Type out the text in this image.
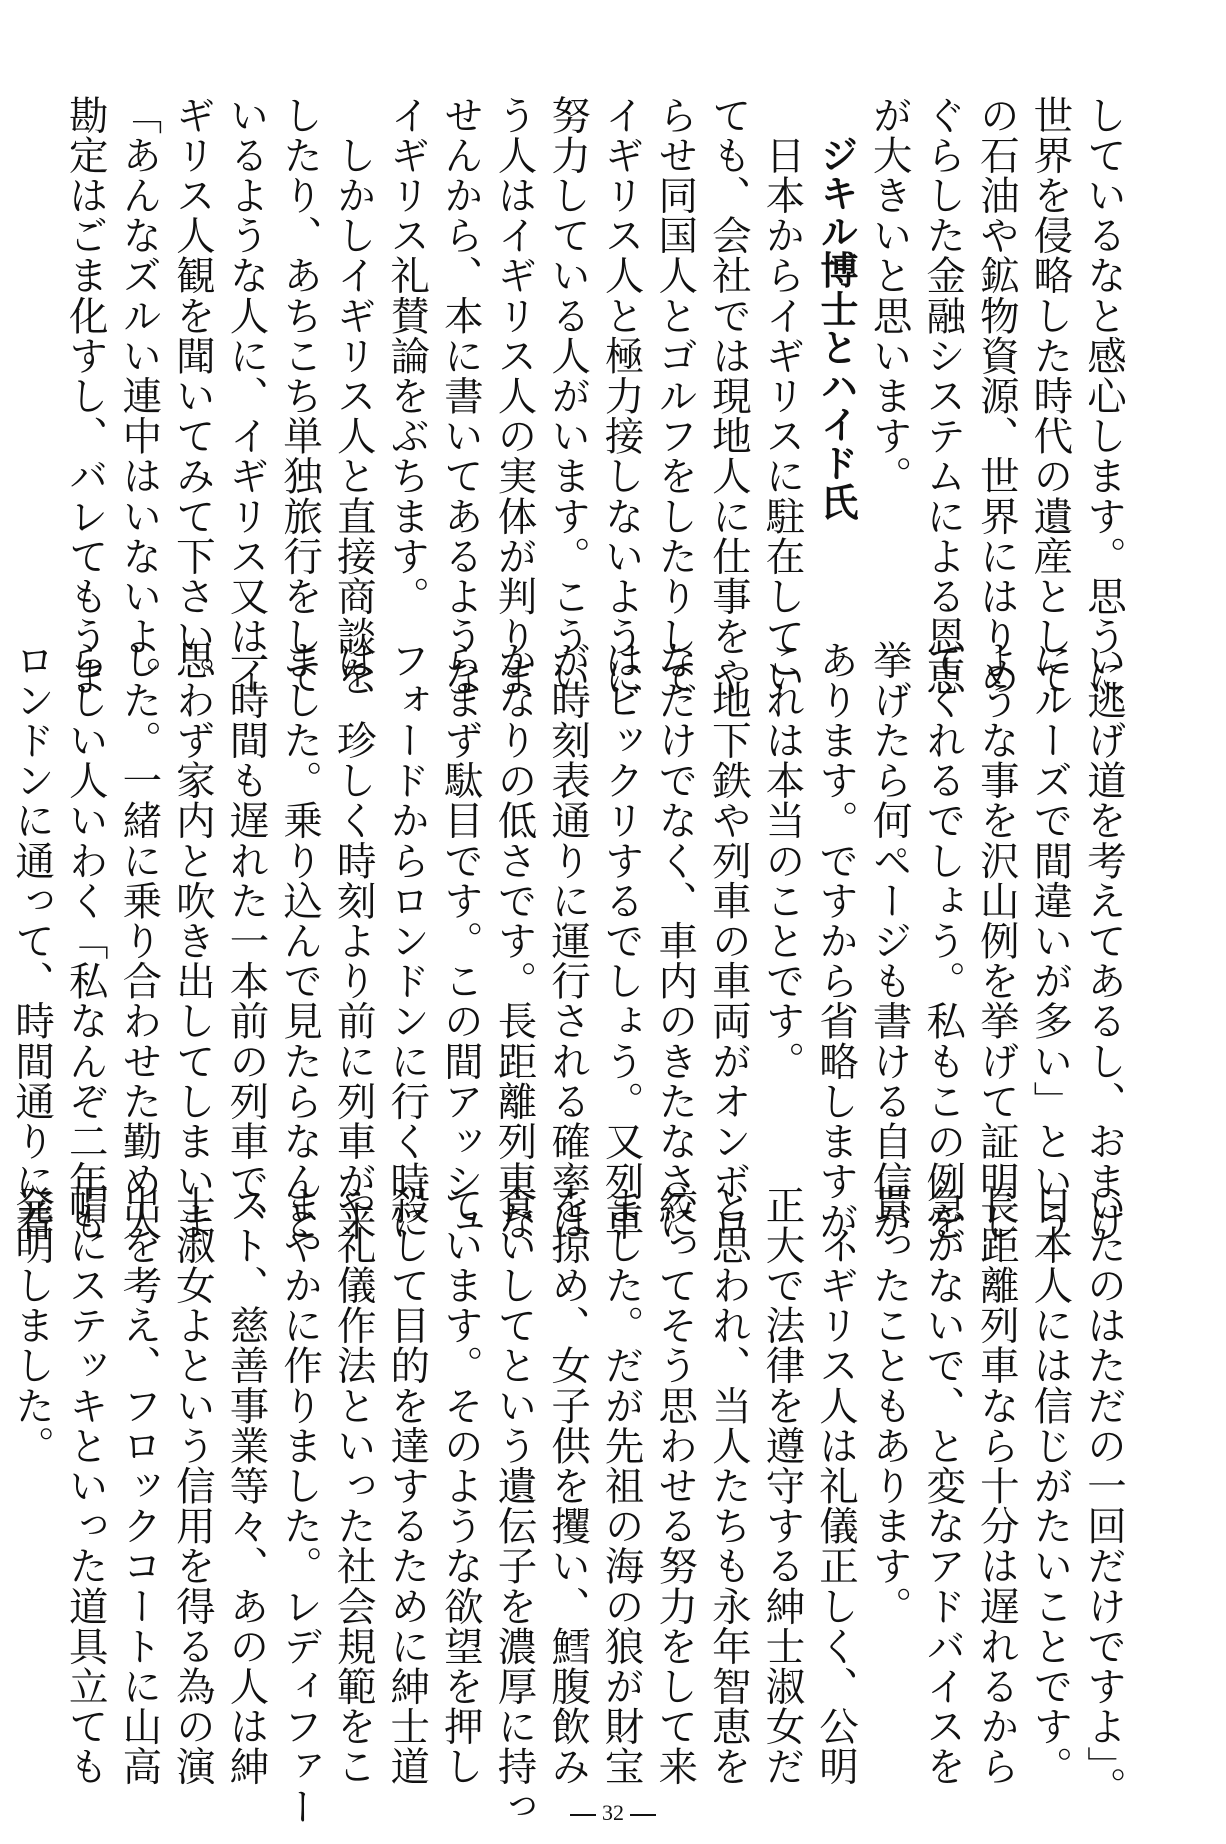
しているなと感心します。思うに
世界を侵略した時代の遺産として
の石油や鉱物資源、世界にはりめ
ぐらした金融システムによる恩恵
が大きいと思います。
ジキル博士とハイド氏
　日本からイギリスに駐在してい
ても、会社では現地人に仕事をや
らせ同国人とゴルフをしたりして
イギリス人と極力接しないように
努力している人がいます。こうい
う人はイギリス人の実体が判りま
せんから、本に書いてあるような
イギリス礼賛論をぶちます。
　しかしイギリス人と直接商談を
したり、あちこち単独旅行をして
いるような人に、イギリス又はイ
ギリス人観を聞いてみて下さい。
「あんなズルい連中はいないよ。
勘定はごま化すし、バレてもうま
い逃げ道を考えてあるし、おまけ
にルーズで間違いが多い」という
ような事を沢山例を挙げて証明し
てくれるでしょう。私もこの例を
挙げたら何ページも書ける自信が
あります。ですから省略しますが、
これは本当のことです。
　地下鉄や列車の車両がオンボロ
なだけでなく、車内のきたなさに
はビックリするでしょう。又列車
が時刻表通りに運行される確率は
かなりの低さです。長距離列車な
らまず駄目です。この間アッシュ
フォードからロンドンに行く時に
は、珍しく時刻より前に列車が来
ました。乗り込んで見たらなんと
一時間も遅れた一本前の列車で、
思わず家内と吹き出してしまいま
した。一緒に乗り合わせた勤め人
らしい人いわく「私なんぞ二年も
ロンドンに通って、時間通りに着
いたのはただの一回だけですよ」。
日本人には信じがたいことです。
長距離列車なら十分は遅れるから
急がないで、と変なアドバイスを
貰ったこともあります。
　イギリス人は礼儀正しく、公明
正大で法律を遵守する紳士淑女だ
と思われ、当人たちも永年智恵を
絞ってそう思わせる努力をして来
ました。だが先祖の海の狼が財宝
を掠め、女子供を攫い、鱈腹飲み
食いしてという遺伝子を濃厚に持っ
ています。そのような欲望を押し
殺して目的を達するために紳士道
や礼儀作法といった社会規範をこ
まやかに作りました。レディファー
スト、慈善事業等々、あの人は紳
士淑女よという信用を得る為の演
出を考え、フロックコートに山高
帽にステッキといった道具立ても
発明しました。
32
